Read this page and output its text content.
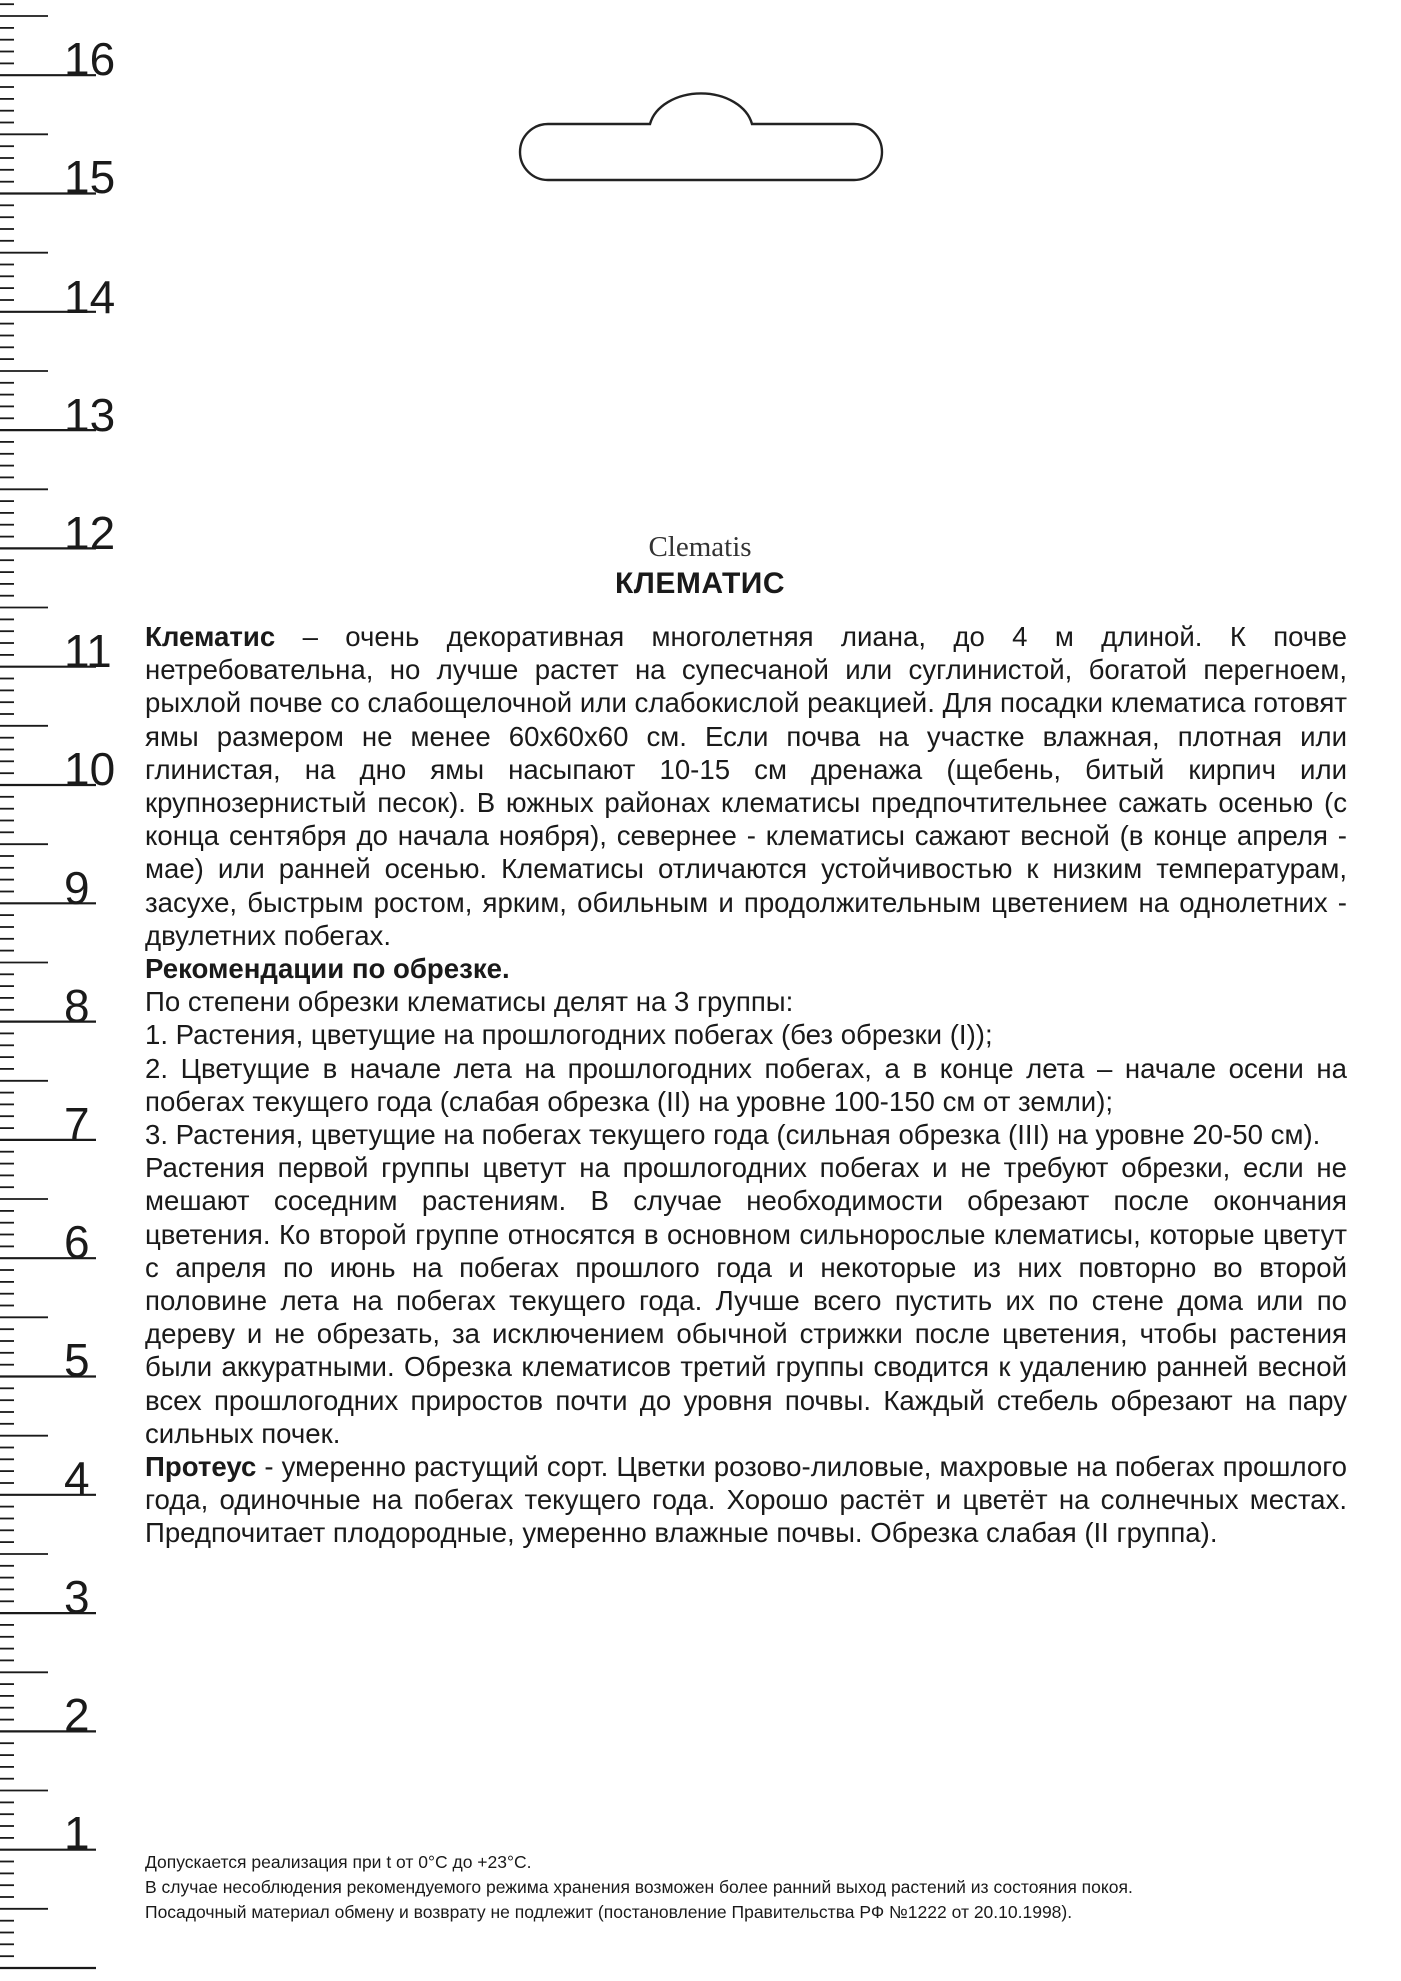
16
15
14
13
12
11
10
9
8
7
6
5
4
3
2
1
Clematis
КЛЕМАТИС

Клематис – очень декоративная многолетняя лиана, до 4 м длиной. К почве нетребовательна, но лучше растет на супесчаной или суглинистой, богатой перегноем, рыхлой почве со слабощелочной или слабокислой реакцией. Для посадки клематиса готовят ямы размером не менее 60х60х60 см. Если почва на участке влажная, плотная или глинистая, на дно ямы насыпают 10-15 см дренажа (щебень, битый кирпич или крупнозернистый песок). В южных районах клематисы предпочтительнее сажать осенью (с конца сентября до начала ноября), севернее - клематисы сажают весной (в конце апреля - мае) или ранней осенью. Клематисы отличаются устойчивостью к низким температурам, засухе, быстрым ростом, ярким, обильным и продолжительным цветением на однолетних - двулетних побегах.

Рекомендации по обрезке.

По степени обрезки клематисы делят на 3 группы:

1. Растения, цветущие на прошлогодних побегах (без обрезки (I));

2. Цветущие в начале лета на прошлогодних побегах, а в конце лета – начале осени на побегах текущего года (слабая обрезка (II) на уровне 100-150 см от земли);

3. Растения, цветущие на побегах текущего года (сильная обрезка (III) на уровне 20-50 см).

Растения первой группы цветут на прошлогодних побегах и не требуют обрезки, если не мешают соседним растениям. В случае необходимости обрезают после окончания цветения. Ко второй группе относятся в основном сильнорослые клематисы, которые цветут с апреля по июнь на побегах прошлого года и некоторые из них повторно во второй половине лета на побегах текущего года. Лучше всего пустить их по стене дома или по дереву и не обрезать, за исключением обычной стрижки после цветения, чтобы растения были аккуратными. Обрезка клематисов третий группы сводится к удалению ранней весной всех прошлогодних приростов почти до уровня почвы. Каждый стебель обрезают на пару сильных почек.

Протеус - умеренно растущий сорт. Цветки розово-лиловые, махровые на побегах прошлого года, одиночные на побегах текущего года. Хорошо растёт и цветёт на солнечных местах. Предпочитает плодородные, умеренно влажные почвы. Обрезка слабая (II группа).

Допускается реализация при t от 0°С до +23°С.
В случае несоблюдения рекомендуемого режима хранения возможен более ранний выход растений из состояния покоя.
Посадочный материал обмену и возврату не подлежит (постановление Правительства РФ №1222 от 20.10.1998).
